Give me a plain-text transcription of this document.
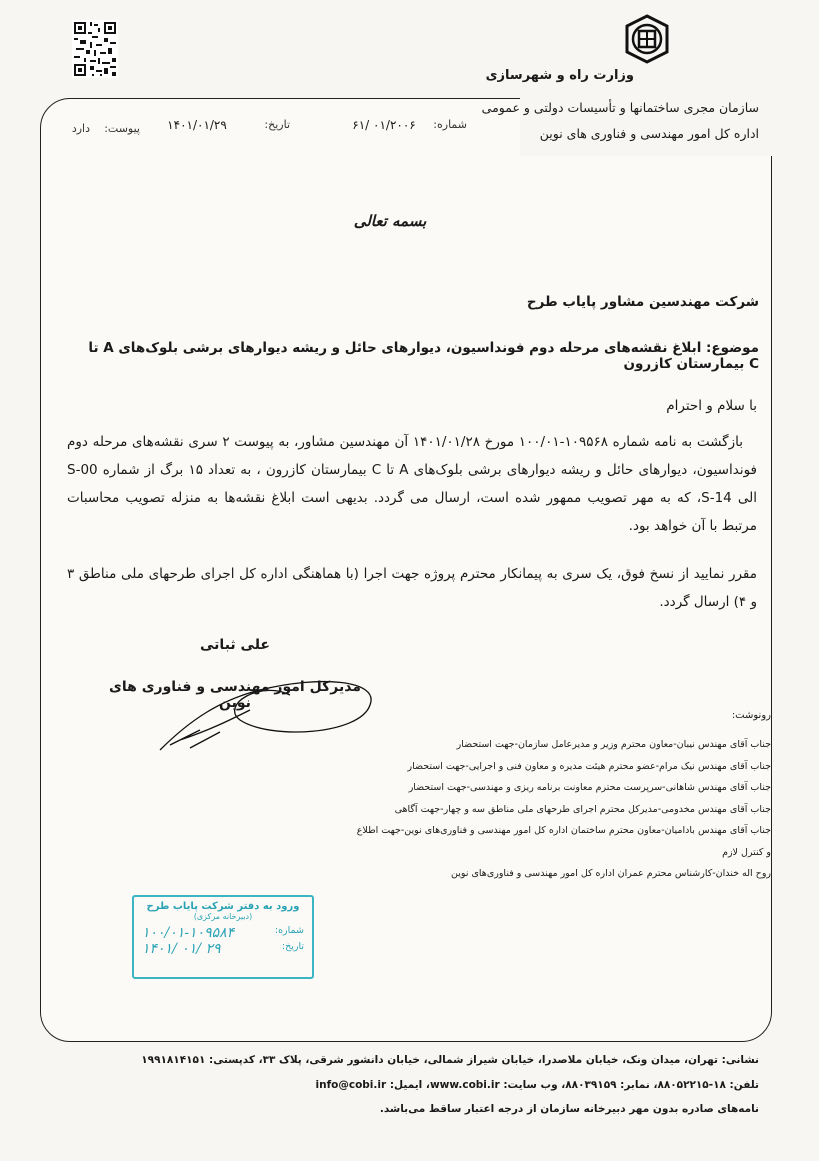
وزارت راه و شهرسازی
سازمان مجری ساختمانها و تأسیسات دولتی و عمومی
اداره کل امور مهندسی و فناوری های نوین
شماره:
۶۱/ ۰۱/۲۰۰۶
تاریخ:
۱۴۰۱/۰۱/۲۹
پیوست:
دارد
بسمه تعالی
شرکت مهندسین مشاور پایاب طرح
موضوع: ابلاغ نقشه‌های مرحله دوم فونداسیون، دیوارهای حائل و ریشه دیوارهای برشی بلوک‌های A تا C بیمارستان کازرون
با سلام و احترام
بازگشت به نامه شماره ۱۰۹۵۶۸-۱۰۰/۰۱ مورخ ۱۴۰۱/۰۱/۲۸ آن مهندسین مشاور، به پیوست ۲ سری نقشه‌های مرحله دوم فونداسیون، دیوارهای حائل و ریشه دیوارهای برشی بلوک‌های A تا C بیمارستان کازرون ، به تعداد ۱۵ برگ از شماره S-00 الی S-14، که به مهر تصویب ممهور شده است، ارسال می گردد. بدیهی است ابلاغ نقشه‌ها به منزله تصویب محاسبات مرتبط با آن خواهد بود.
مقرر نمایید از نسخ فوق، یک سری به پیمانکار محترم پروژه جهت اجرا (با هماهنگی اداره کل اجرای طرحهای ملی مناطق ۳ و ۴) ارسال گردد.
علی ثباتی
مدیرکل امور مهندسی و فناوری های نوین
رونوشت:
جناب آقای مهندس نیبان-معاون محترم وزیر و مدیرعامل سازمان-جهت استحضار
جناب آقای مهندس نیک مرام-عضو محترم هیئت مدیره و معاون فنی و اجرایی-جهت استحضار
جناب آقای مهندس شاهانی-سرپرست محترم معاونت برنامه ریزی و مهندسی-جهت استحضار
جناب آقای مهندس مخدومی-مدیرکل محترم اجرای طرحهای ملی مناطق سه و چهار-جهت آگاهی
جناب آقای مهندس بادامیان-معاون محترم ساختمان اداره کل امور مهندسی و فناوری‌های نوین-جهت اطلاع و کنترل لازم
روح اله خندان-کارشناس محترم عمران اداره کل امور مهندسی و فناوری‌های نوین
ورود به دفتر شرکت پایاب طرح
(دبیرخانه مرکزی)
شماره:
۱۰۰/۰۱-۱۰۹۵۸۴
تاریخ:
۱۴۰۱/ ۰۱/ ۲۹
نشانی: تهران، میدان ونک، خیابان ملاصدرا، خیابان شیراز شمالی، خیابان دانشور شرقی، پلاک ۳۳، کدپستی: ۱۹۹۱۸۱۴۱۵۱
تلفن: ۱۸-۸۸۰۵۲۲۱۵، نمابر: ۸۸۰۳۹۱۵۹، وب سایت: www.cobi.ir، ایمیل: info@cobi.ir
نامه‌های صادره بدون مهر دبیرخانه سازمان از درجه اعتبار ساقط می‌باشد.
